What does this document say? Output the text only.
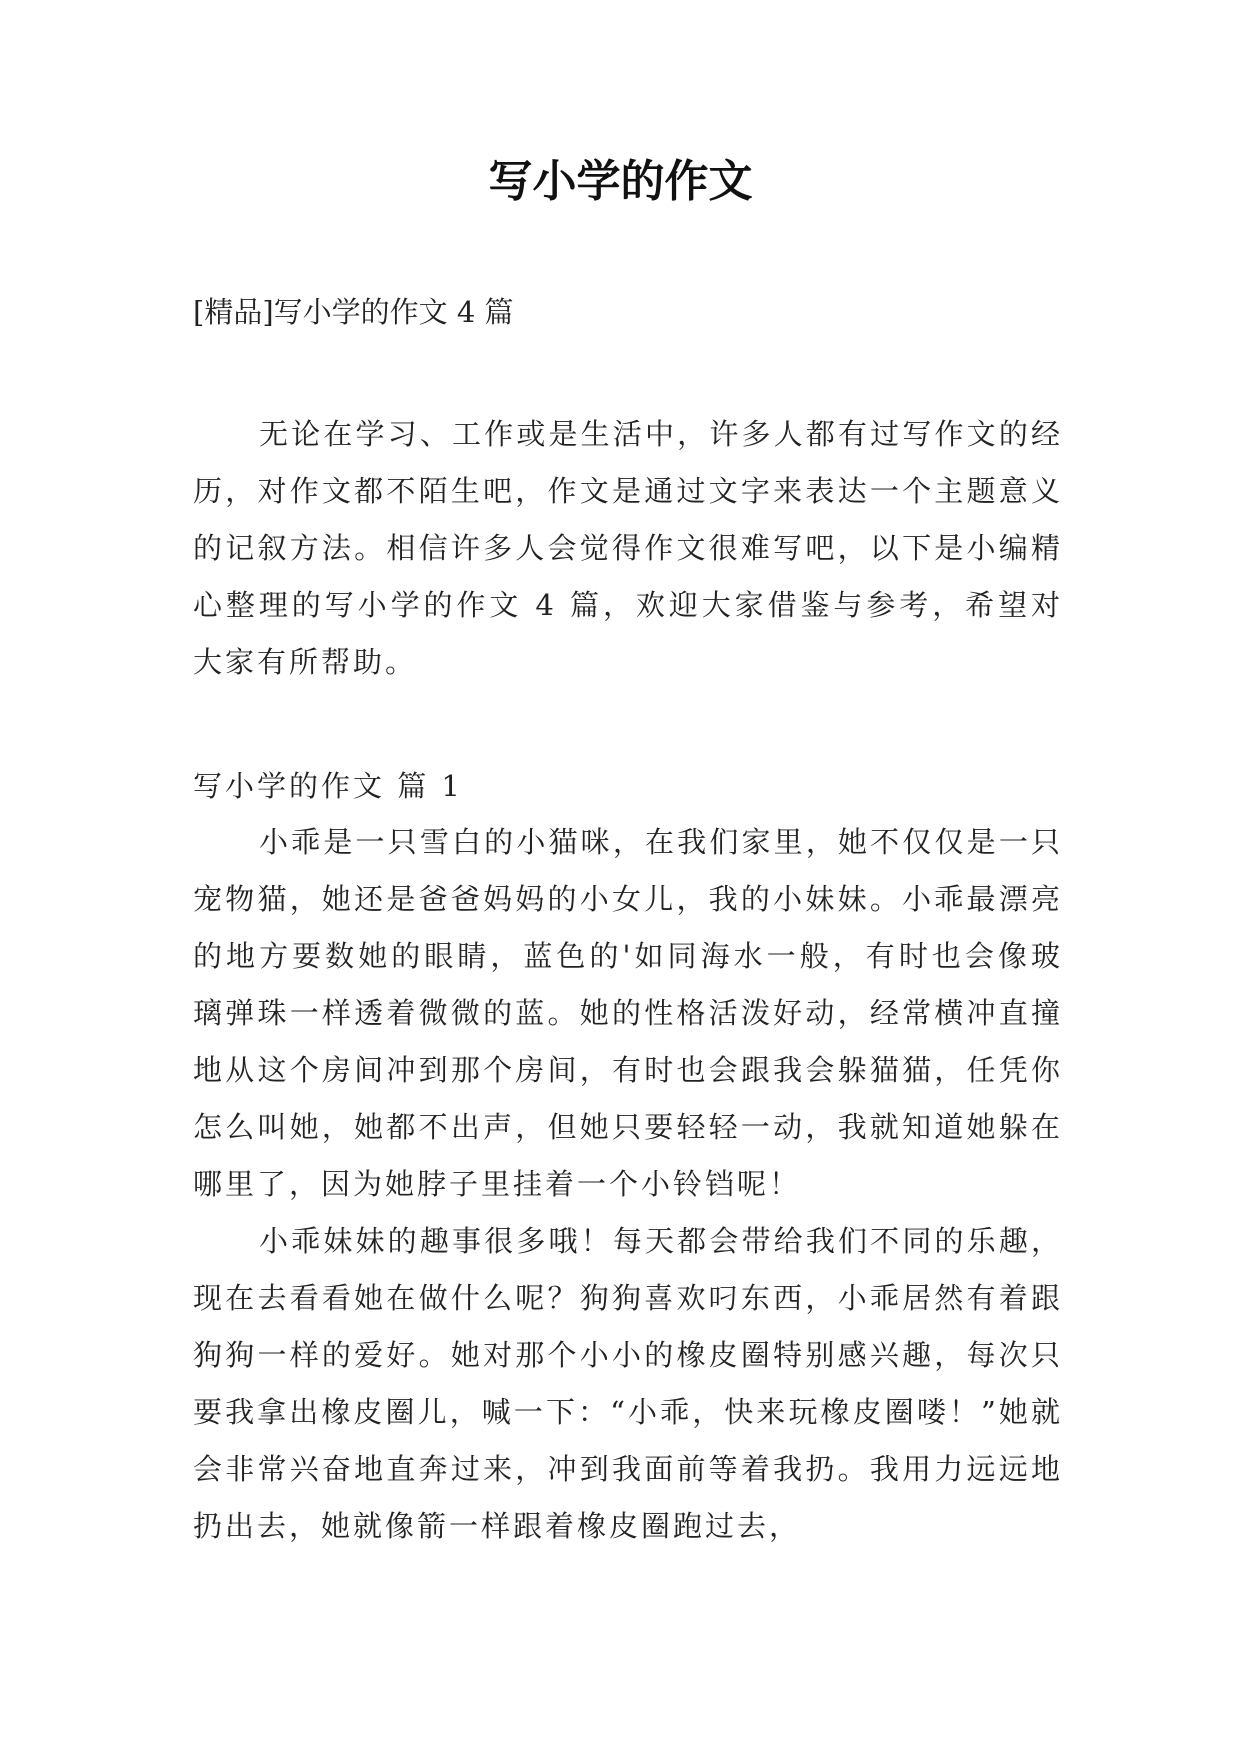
写小学的作文

[精品]写小学的作文 4 篇

无论在学习、工作或是生活中，许多人都有过写作文的经历，对作文都不陌生吧，作文是通过文字来表达一个主题意义的记叙方法。相信许多人会觉得作文很难写吧，以下是小编精心整理的写小学的作文 4 篇，欢迎大家借鉴与参考，希望对大家有所帮助。

写小学的作文 篇 1

小乖是一只雪白的小猫咪，在我们家里，她不仅仅是一只宠物猫，她还是爸爸妈妈的小女儿，我的小妹妹。小乖最漂亮的地方要数她的眼睛，蓝色的'如同海水一般，有时也会像玻璃弹珠一样透着微微的蓝。她的性格活泼好动，经常横冲直撞地从这个房间冲到那个房间，有时也会跟我会躲猫猫，任凭你怎么叫她，她都不出声，但她只要轻轻一动，我就知道她躲在哪里了，因为她脖子里挂着一个小铃铛呢！

小乖妹妹的趣事很多哦！每天都会带给我们不同的乐趣，现在去看看她在做什么呢？狗狗喜欢叼东西，小乖居然有着跟狗狗一样的爱好。她对那个小小的橡皮圈特别感兴趣，每次只要我拿出橡皮圈儿，喊一下：“小乖，快来玩橡皮圈喽！”她就会非常兴奋地直奔过来，冲到我面前等着我扔。我用力远远地扔出去，她就像箭一样跟着橡皮圈跑过去，
